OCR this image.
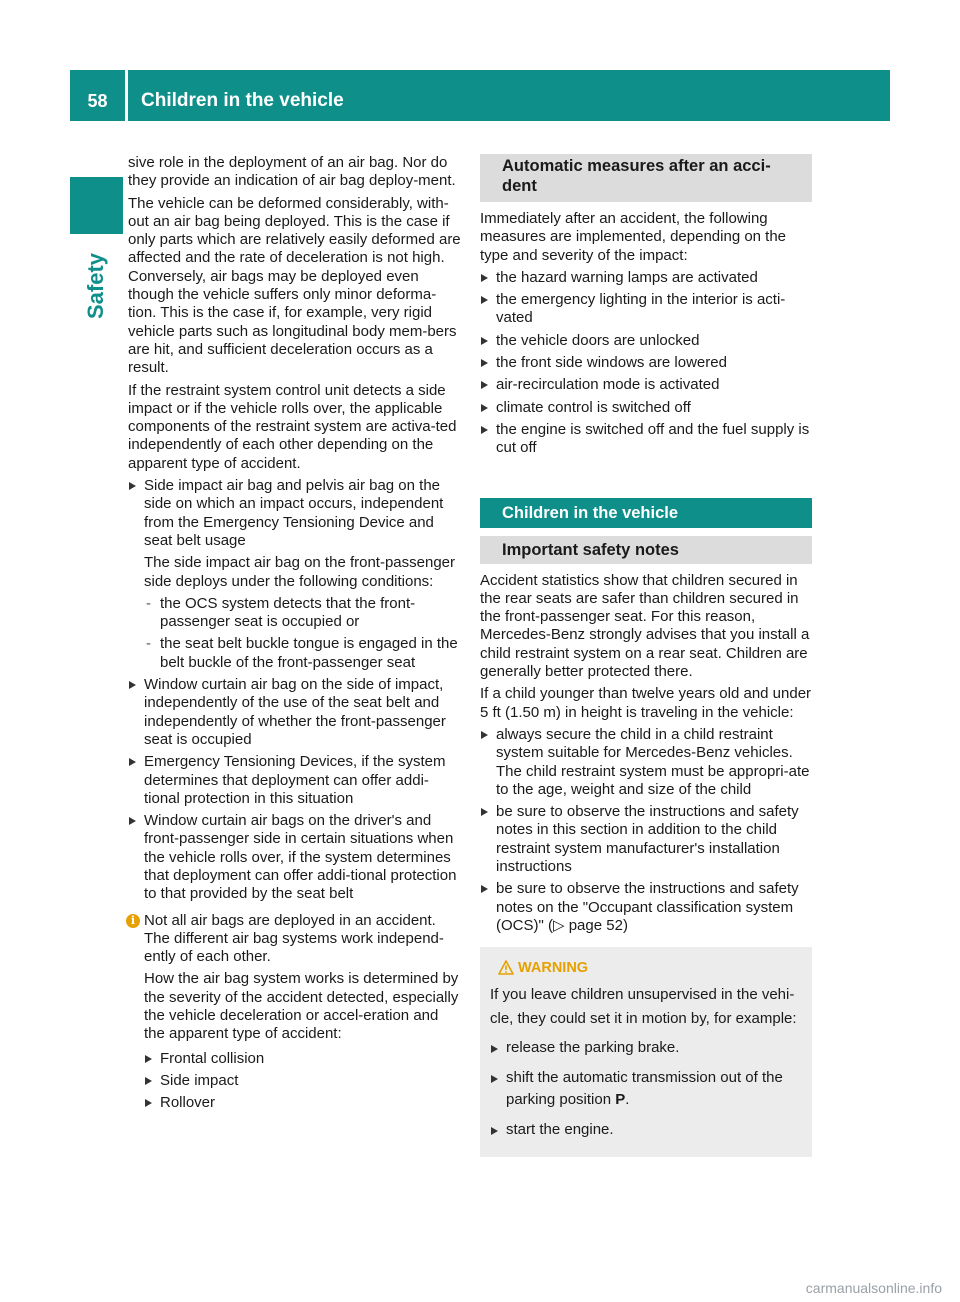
58	Children in the vehicle
Safety

sive role in the deployment of an air bag. Nor do they provide an indication of air bag deploy-ment.

The vehicle can be deformed considerably, with-out an air bag being deployed. This is the case if only parts which are relatively easily deformed are affected and the rate of deceleration is not high. Conversely, air bags may be deployed even though the vehicle suffers only minor deforma-tion. This is the case if, for example, very rigid vehicle parts such as longitudinal body mem-bers are hit, and sufficient deceleration occurs as a result.

If the restraint system control unit detects a side impact or if the vehicle rolls over, the applicable components of the restraint system are activa-ted independently of each other depending on the apparent type of accident.

Side impact air bag and pelvis air bag on the side on which an impact occurs, independent from the Emergency Tensioning Device and seat belt usage
The side impact air bag on the front-passenger side deploys under the following conditions:
- the OCS system detects that the front-passenger seat is occupied or
- the seat belt buckle tongue is engaged in the belt buckle of the front-passenger seat
Window curtain air bag on the side of impact, independently of the use of the seat belt and independently of whether the front-passenger seat is occupied
Emergency Tensioning Devices, if the system determines that deployment can offer addi-tional protection in this situation
Window curtain air bags on the driver's and front-passenger side in certain situations when the vehicle rolls over, if the system determines that deployment can offer addi-tional protection to that provided by the seat belt
i Not all air bags are deployed in an accident. The different air bag systems work independ-ently of each other.

How the air bag system works is determined by the severity of the accident detected, especially the vehicle deceleration or accel-eration and the apparent type of accident:

Frontal collision
Side impact
Rollover
Automatic measures after an acci-dent

Immediately after an accident, the following measures are implemented, depending on the type and severity of the impact:

the hazard warning lamps are activated
the emergency lighting in the interior is acti-vated
the vehicle doors are unlocked
the front side windows are lowered
air-recirculation mode is activated
climate control is switched off
the engine is switched off and the fuel supply is cut off
Children in the vehicle
Important safety notes

Accident statistics show that children secured in the rear seats are safer than children secured in the front-passenger seat. For this reason, Mercedes-Benz strongly advises that you install a child restraint system on a rear seat. Children are generally better protected there.

If a child younger than twelve years old and under 5 ft (1.50 m) in height is traveling in the vehicle:

always secure the child in a child restraint system suitable for Mercedes-Benz vehicles. The child restraint system must be appropri-ate to the age, weight and size of the child
be sure to observe the instructions and safety notes in this section in addition to the child restraint system manufacturer's installation instructions
be sure to observe the instructions and safety notes on the "Occupant classification system (OCS)" (▷ page 52)
WARNING

If you leave children unsupervised in the vehi-cle, they could set it in motion by, for example:

release the parking brake.
shift the automatic transmission out of the parking position P.
start the engine.
carmanualsonline.info
